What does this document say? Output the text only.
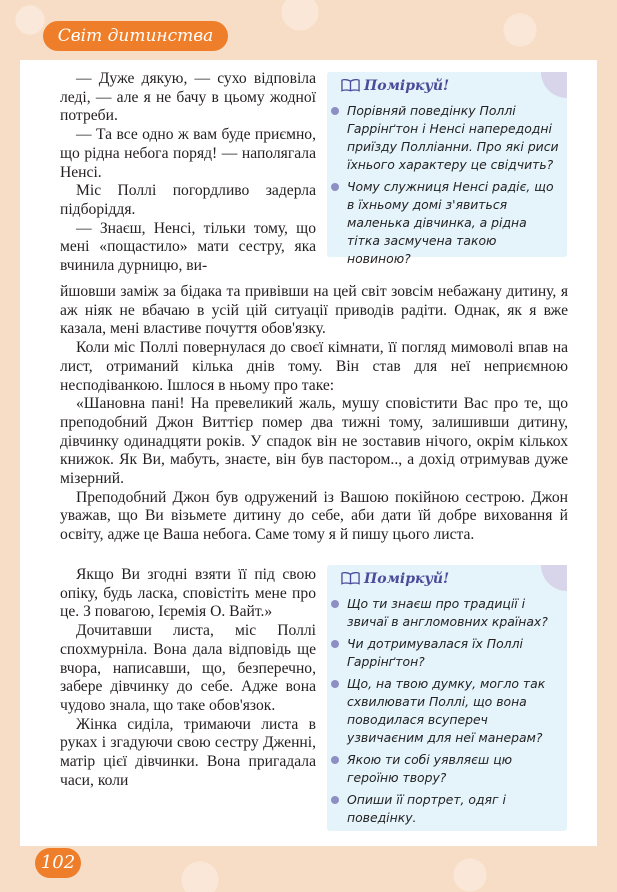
Світ дитинства

— Дуже дякую, — сухо відповіла леді, — але я не бачу в цьому жодної потреби.

— Та все одно ж вам буде приємно, що рідна небога поряд! — наполягала Ненсі.

Міс Поллі погордливо задерла підборіддя.

— Знаєш, Ненсі, тільки тому, що мені «пощастило» мати сестру, яка вчинила дурницю, ви-

йшовши заміж за бідака та привівши на цей світ зовсім небажану дитину, я аж ніяк не вбачаю в усій цій ситуації приводів радіти. Однак, як я вже казала, мені властиве почуття обов'язку.

Коли міс Поллі повернулася до своєї кімнати, її погляд мимоволі впав на лист, отриманий кілька днів тому. Він став для неї неприємною несподіванкою. Ішлося в ньому про таке:

«Шановна пані! На превеликий жаль, мушу сповістити Вас про те, що преподобний Джон Виттієр помер два тижні тому, залишивши дитину, дівчинку одинадцяти років. У спадок він не зоставив нічого, окрім кількох книжок. Як Ви, мабуть, знаєте, він був пастором.., а дохід отримував дуже мізерний.

Преподобний Джон був одружений із Вашою покійною сестрою. Джон уважав, що Ви візьмете дитину до себе, аби дати їй добре виховання й освіту, адже це Ваша небога. Саме тому я й пишу цього листа.

Якщо Ви згодні взяти її під свою опіку, будь ласка, сповістіть мене про це. З повагою, Ієремія О. Вайт.»

Дочитавши листа, міс Поллі спохмурніла. Вона дала відповідь ще вчора, написавши, що, безперечно, забере дівчинку до себе. Адже вона чудово знала, що таке обов'язок.

Жінка сиділа, тримаючи листа в руках і згадуючи свою сестру Дженні, матір цієї дівчинки. Вона пригадала часи, коли

Поміркуй!
Порівняй поведінку Поллі Гаррінґтон і Ненсі напередодні приїзду Полліанни. Про які риси їхнього характеру це свідчить?
Чому служниця Ненсі радіє, що в їхньому домі з'явиться маленька дівчинка, а рідна тітка засмучена такою новиною?
Поміркуй!
Що ти знаєш про традиції і звичаї в англомовних країнах?
Чи дотримувалася їх Поллі Гаррінґтон?
Що, на твою думку, могло так схвилювати Поллі, що вона поводилася всупереч узвичаєним для неї манерам?
Якою ти собі уявляєш цю героїню твору?
Опиши її портрет, одяг і поведінку.
102
